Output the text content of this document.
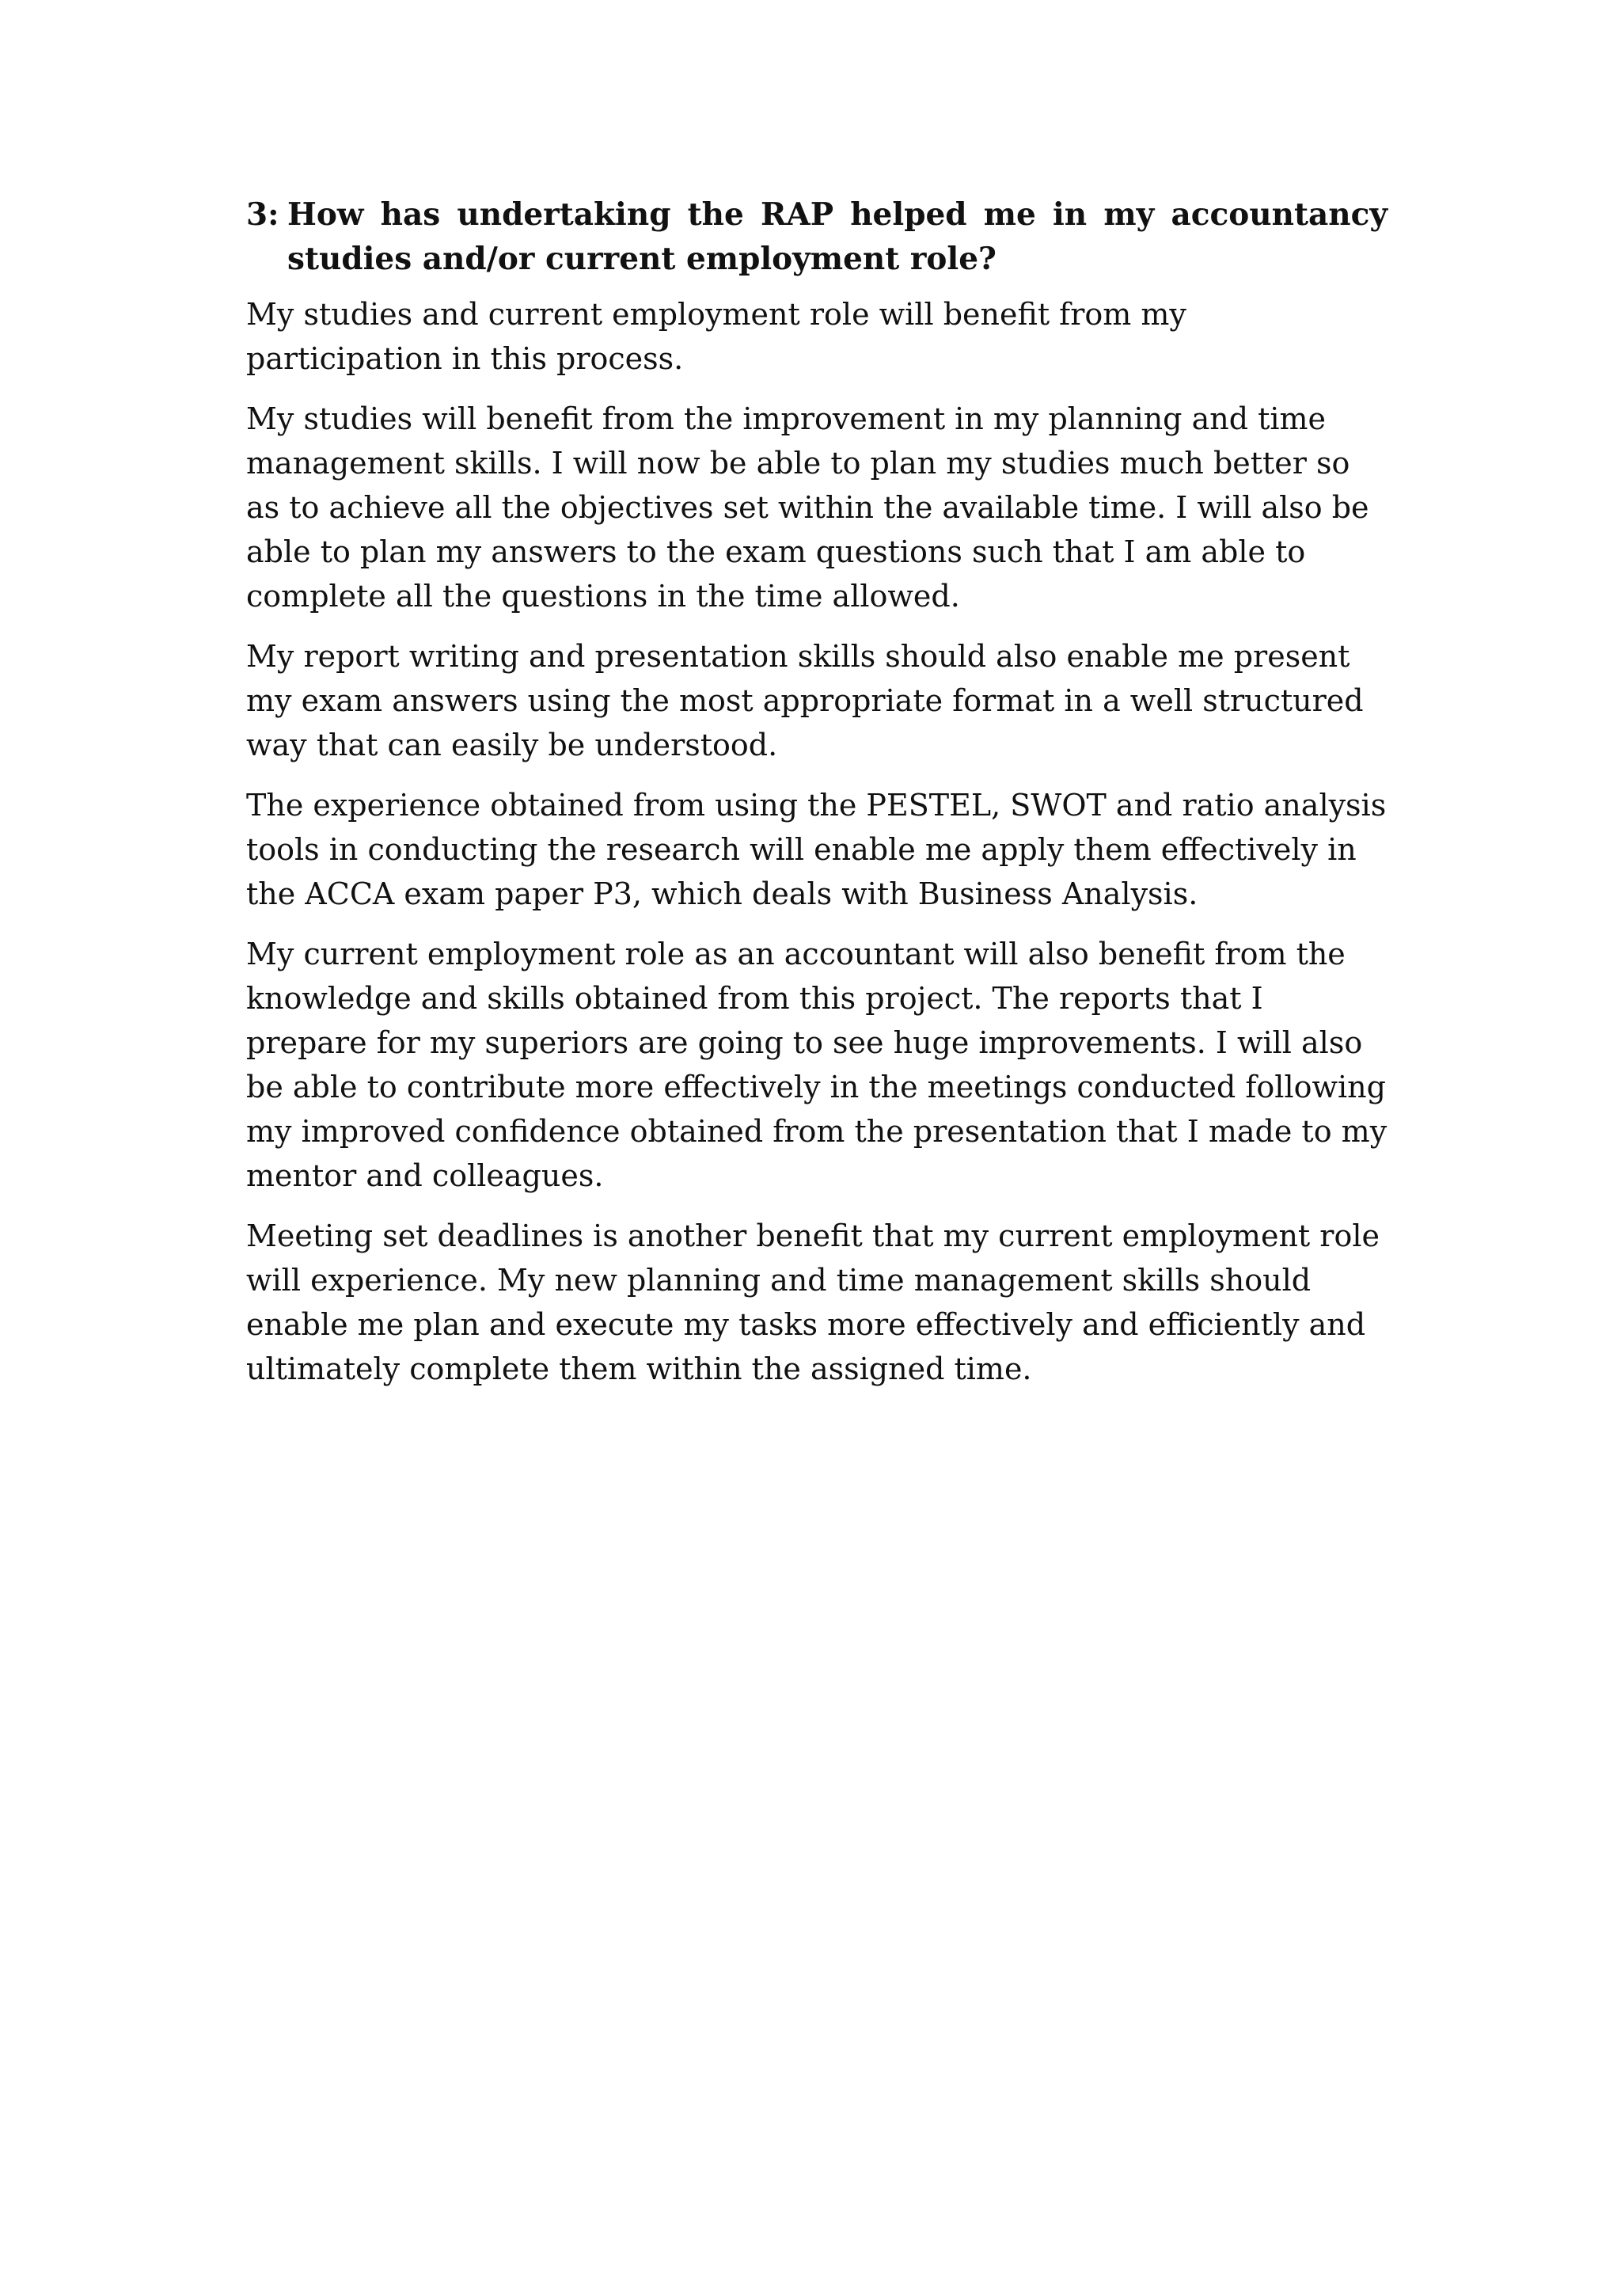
3: How has undertaking the RAP helped me in my accountancy studies and/or current employment role?

My studies and current employment role will benefit from my participation in this process.

My studies will benefit from the improvement in my planning and time management skills. I will now be able to plan my studies much better so as to achieve all the objectives set within the available time. I will also be able to plan my answers to the exam questions such that I am able to complete all the questions in the time allowed.

My report writing and presentation skills should also enable me present my exam answers using the most appropriate format in a well structured way that can easily be understood.

The experience obtained from using the PESTEL, SWOT and ratio analysis tools in conducting the research will enable me apply them effectively in the ACCA exam paper P3, which deals with Business Analysis.

My current employment role as an accountant will also benefit from the knowledge and skills obtained from this project. The reports that I prepare for my superiors are going to see huge improvements. I will also be able to contribute more effectively in the meetings conducted following my improved confidence obtained from the presentation that I made to my mentor and colleagues.

Meeting set deadlines is another benefit that my current employment role will experience. My new planning and time management skills should enable me plan and execute my tasks more effectively and efficiently and ultimately complete them within the assigned time.
